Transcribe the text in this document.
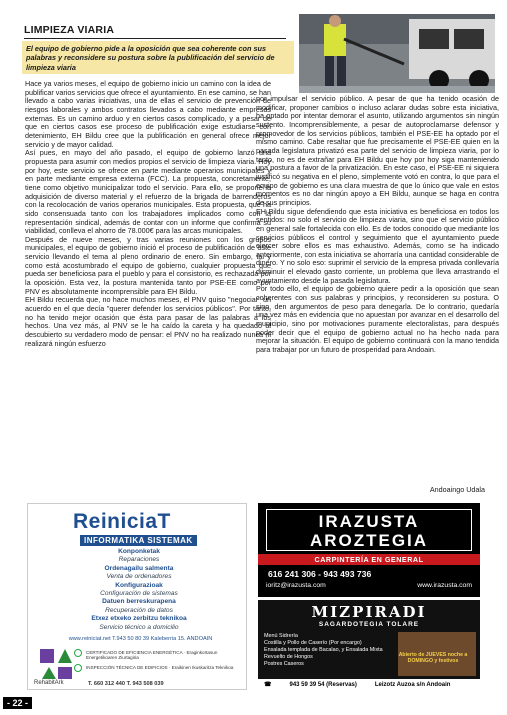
LIMPIEZA VIARIA
El equipo de gobierno pide a la oposición que sea coherente con sus palabras y reconsidere su postura sobre la publificación del servicio de limpieza viaria

Hace ya varios meses, el equipo de gobierno inicio un camino con la idea de publificar varios servicios que ofrece el ayuntamiento. En ese camino, se han llevado a cabo varias iniciativas, una de ellas el servicio de prevención de riesgos laborales y ambos contratos llevados a cabo mediante empresas externas. Es un camino arduo y en ciertos casos complicado, y a pesar de que en ciertos casos ese proceso de publificación exige estudiarse con detenimiento, EH Bildu cree que la publificación en general ofrece mejor servicio y de mayor calidad.

Así pues, en mayo del año pasado, el equipo de gobierno lanzó una propuesta para asumir con medios propios el servicio de limpieza viaria. Hoy por hoy, este servicio se ofrece en parte mediante operarios municipales y en parte mediante empresa externa (FCC). La propuesta, concretamente, tiene como objetivo municipalizar todo el servicio. Para ello, se propone la adquisición de diverso material y el refuerzo de la brigada de barrenderos con la recolocación de varios operarios municipales. Esta propuesta, que ha sido consensuada tanto con los trabajadores implicados como con la representación sindical, además de contar con un informe que confirma su viabilidad, conlleva el ahorro de 78.000€ para las arcas municipales.

Después de nueve meses, y tras varias reuniones con los grupos municipales, el equipo de gobierno inició el proceso de publificación de este servicio llevando el tema al pleno ordinario de enero. Sin embargo, tal y como está acostumbrado el equipo de gobierno, cualquier propuesta que pueda ser beneficiosa para el pueblo y para el consistorio, es rechazada por la oposición. Esta vez, la postura mantenida tanto por PSE-EE como por PNV es absolutamente incomprensible para EH Bildu.

EH Bildu recuerda que, no hace muchos meses, el PNV quiso "negociar" un acuerdo en el que decía "querer defender los servicios públicos". Por tanto, no ha tenido mejor ocasión que ésta para pasar de las palabras a los hechos. Una vez más, al PNV se le ha caído la careta y ha quedado al descubierto su verdadero modo de pensar: el PNV no ha realizado nunca ni realizará ningún esfuerzo

por impulsar el servicio público. A pesar de que ha tenido ocasión de modificar, proponer cambios o incluso aclarar dudas sobre esta iniciativa, ha optado por intentar demorar el asunto, utilizando argumentos sin ningún sustento. Incomprensiblemente, a pesar de autoproclamarse defensor y promovedor de los servicios públicos, también el PSE-EE ha optado por el mismo camino. Cabe resaltar que fue precisamente el PSE-EE quien en la pasada legislatura privatizó esa parte del servicio de limpieza viaria, por lo tanto, no es de extrañar para EH Bildu que hoy por hoy siga manteniendo una postura a favor de la privatización. En este caso, el PSE-EE ni siquiera justificó su negativa en el pleno, simplemente votó en contra, lo que para el equipo de gobierno es una clara muestra de que lo único que vale en estos momentos es no dar ningún apoyo a EH Bildu, aunque se haga en contra de sus principios.

EH Bildu sigue defendiendo que esta iniciativa es beneficiosa en todos los sentidos: no solo el servicio de limpieza viaria, sino que el servicio público en general sale fortalecida con ello. Es de todos conocido que mediante los servicios públicos el control y seguimiento que el ayuntamiento puede ejercer sobre ellos es mas exhaustivo. Además, como se ha indicado anteriormente, con esta iniciativa se ahorraría una cantidad considerable de dinero. Y no solo eso: suprimir el servicio de la empresa privada conllevaría disminuir el elevado gasto corriente, un problema que lleva arrastrando el ayuntamiento desde la pasada legislatura.

Por todo ello, el equipo de gobierno quiere pedir a la oposición que sean coherentes con sus palabras y principios, y reconsideren su postura. O sino, den argumentos de peso para denegarla. De lo contrario, quedaría una vez más en evidencia que no apuestan por avanzar en el desarrollo del municipio, sino por motivaciones puramente electoralistas, para después poder decir que el equipo de gobierno actual no ha hecho nada para mejorar la situación. El equipo de gobierno continuará con la mano tendida para trabajar por un futuro de prosperidad para Andoain.

Andoaingo Udala
ReiniciaT
INFORMATIKA SISTEMAK
Konponketak
Reparaciones
Ordenagailu salmenta
Venta de ordenadores
Konfigurazioak
Configuración de sistemas
Datuen berreskurapena
Recuperación de datos
Etxez etxeko zerbitzu teknikoa
Servicio técnico a domicilio
www.reiniciat.net T.943 50 80 39 Kaleberria 15. ANDOAIN
RehabitArk
CERTIFICADO DE EFICIENCIA ENERGÉTICA · Eraginkortasun Energetikoaren Ziurtagiria
INSPECCIÓN TÉCNICA DE EDIFICIOS · Eraikinen Ikuskaritza Teknikoa
T. 660 312 440 T. 943 508 039
IRAZUSTA
AROZTEGIA
CARPINTERÍA EN GENERAL
616 241 306 - 943 493 736
ioritz@irazusta.com	www.irazusta.com
MIZPIRADI
SAGARDOTEGIA TOLARE
Menú Sidrería
Costilla y Pollo de Caserío (Por encargo)
Ensalada templada de Bacalao, y Ensalada Mixta
Revuelto de Hongos
Postres Caseros
Abierto de JUEVES noche a DOMINGO y festivos
☎	943 59 39 54 (Reservas)	Leizotz Auzoa s/n Andoain
- 22 -
